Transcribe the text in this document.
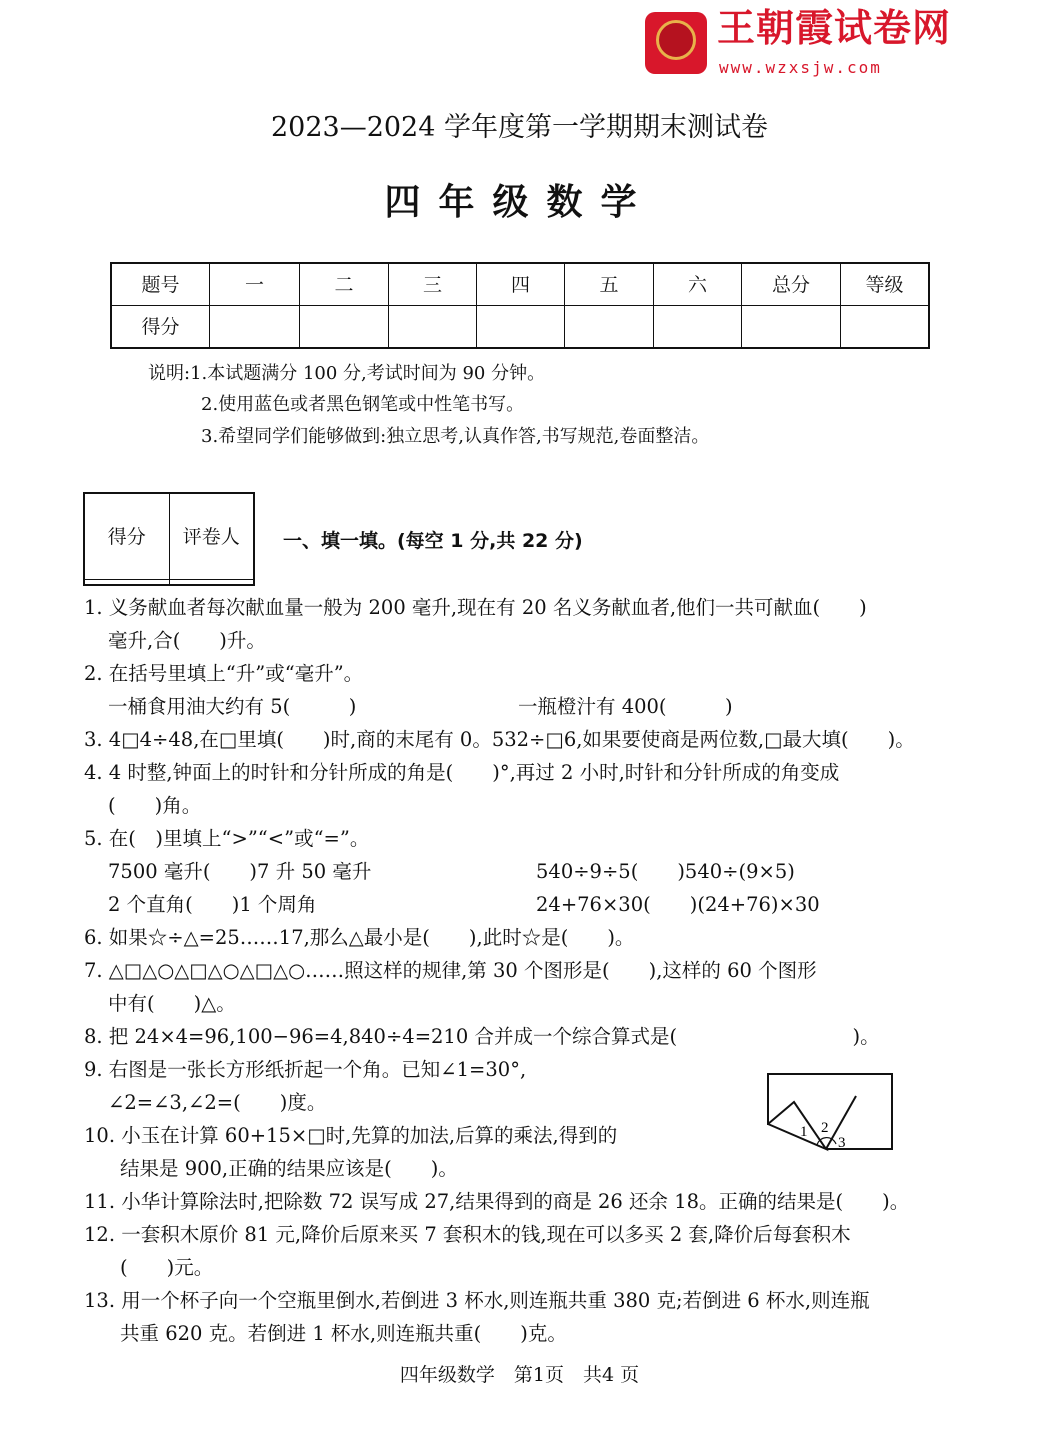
王朝霞试卷网
www.wzxsjw.com
2023—2024 学年度第一学期期末测试卷
四年级数学
题号	一	二	三	四	五	六	总分	等级
得分								
说明:1.本试题满分 100 分,考试时间为 90 分钟。
2.使用蓝色或者黑色钢笔或中性笔书写。
3.希望同学们能够做到:独立思考,认真作答,书写规范,卷面整洁。
得分	评卷人
	一、填一填。(每空 1 分,共 22 分)
1. 义务献血者每次献血量一般为 200 毫升,现在有 20 名义务献血者,他们一共可献血(　　)
毫升,合(　　)升。
2. 在括号里填上“升”或“毫升”。
一桶食用油大约有 5(　　　)	一瓶橙汁有 400(　　　)
3. 4□4÷48,在□里填(　　)时,商的末尾有 0。532÷□6,如果要使商是两位数,□最大填(　　)。
4. 4 时整,钟面上的时针和分针所成的角是(　　)°,再过 2 小时,时针和分针所成的角变成
(　　)角。
5. 在(　)里填上“>”“<”或“=”。
7500 毫升(　　)7 升 50 毫升	540÷9÷5(　　)540÷(9×5)
2 个直角(　　)1 个周角	24+76×30(　　)(24+76)×30
6. 如果☆÷△=25……17,那么△最小是(　　),此时☆是(　　)。
7. △□△○△□△○△□△○……照这样的规律,第 30 个图形是(　　),这样的 60 个图形
中有(　　)△。
8. 把 24×4=96,100−96=4,840÷4=210 合并成一个综合算式是(　　　　　　　　　)。
9. 右图是一张长方形纸折起一个角。已知∠1=30°,
∠2=∠3,∠2=(　　)度。
10. 小玉在计算 60+15×□时,先算的加法,后算的乘法,得到的
结果是 900,正确的结果应该是(　　)。
11. 小华计算除法时,把除数 72 误写成 27,结果得到的商是 26 还余 18。正确的结果是(　　)。
12. 一套积木原价 81 元,降价后原来买 7 套积木的钱,现在可以多买 2 套,降价后每套积木
(　　)元。
13. 用一个杯子向一个空瓶里倒水,若倒进 3 杯水,则连瓶共重 380 克;若倒进 6 杯水,则连瓶
共重 620 克。若倒进 1 杯水,则连瓶共重(　　)克。
1 2
3
四年级数学　第1页　共4 页
